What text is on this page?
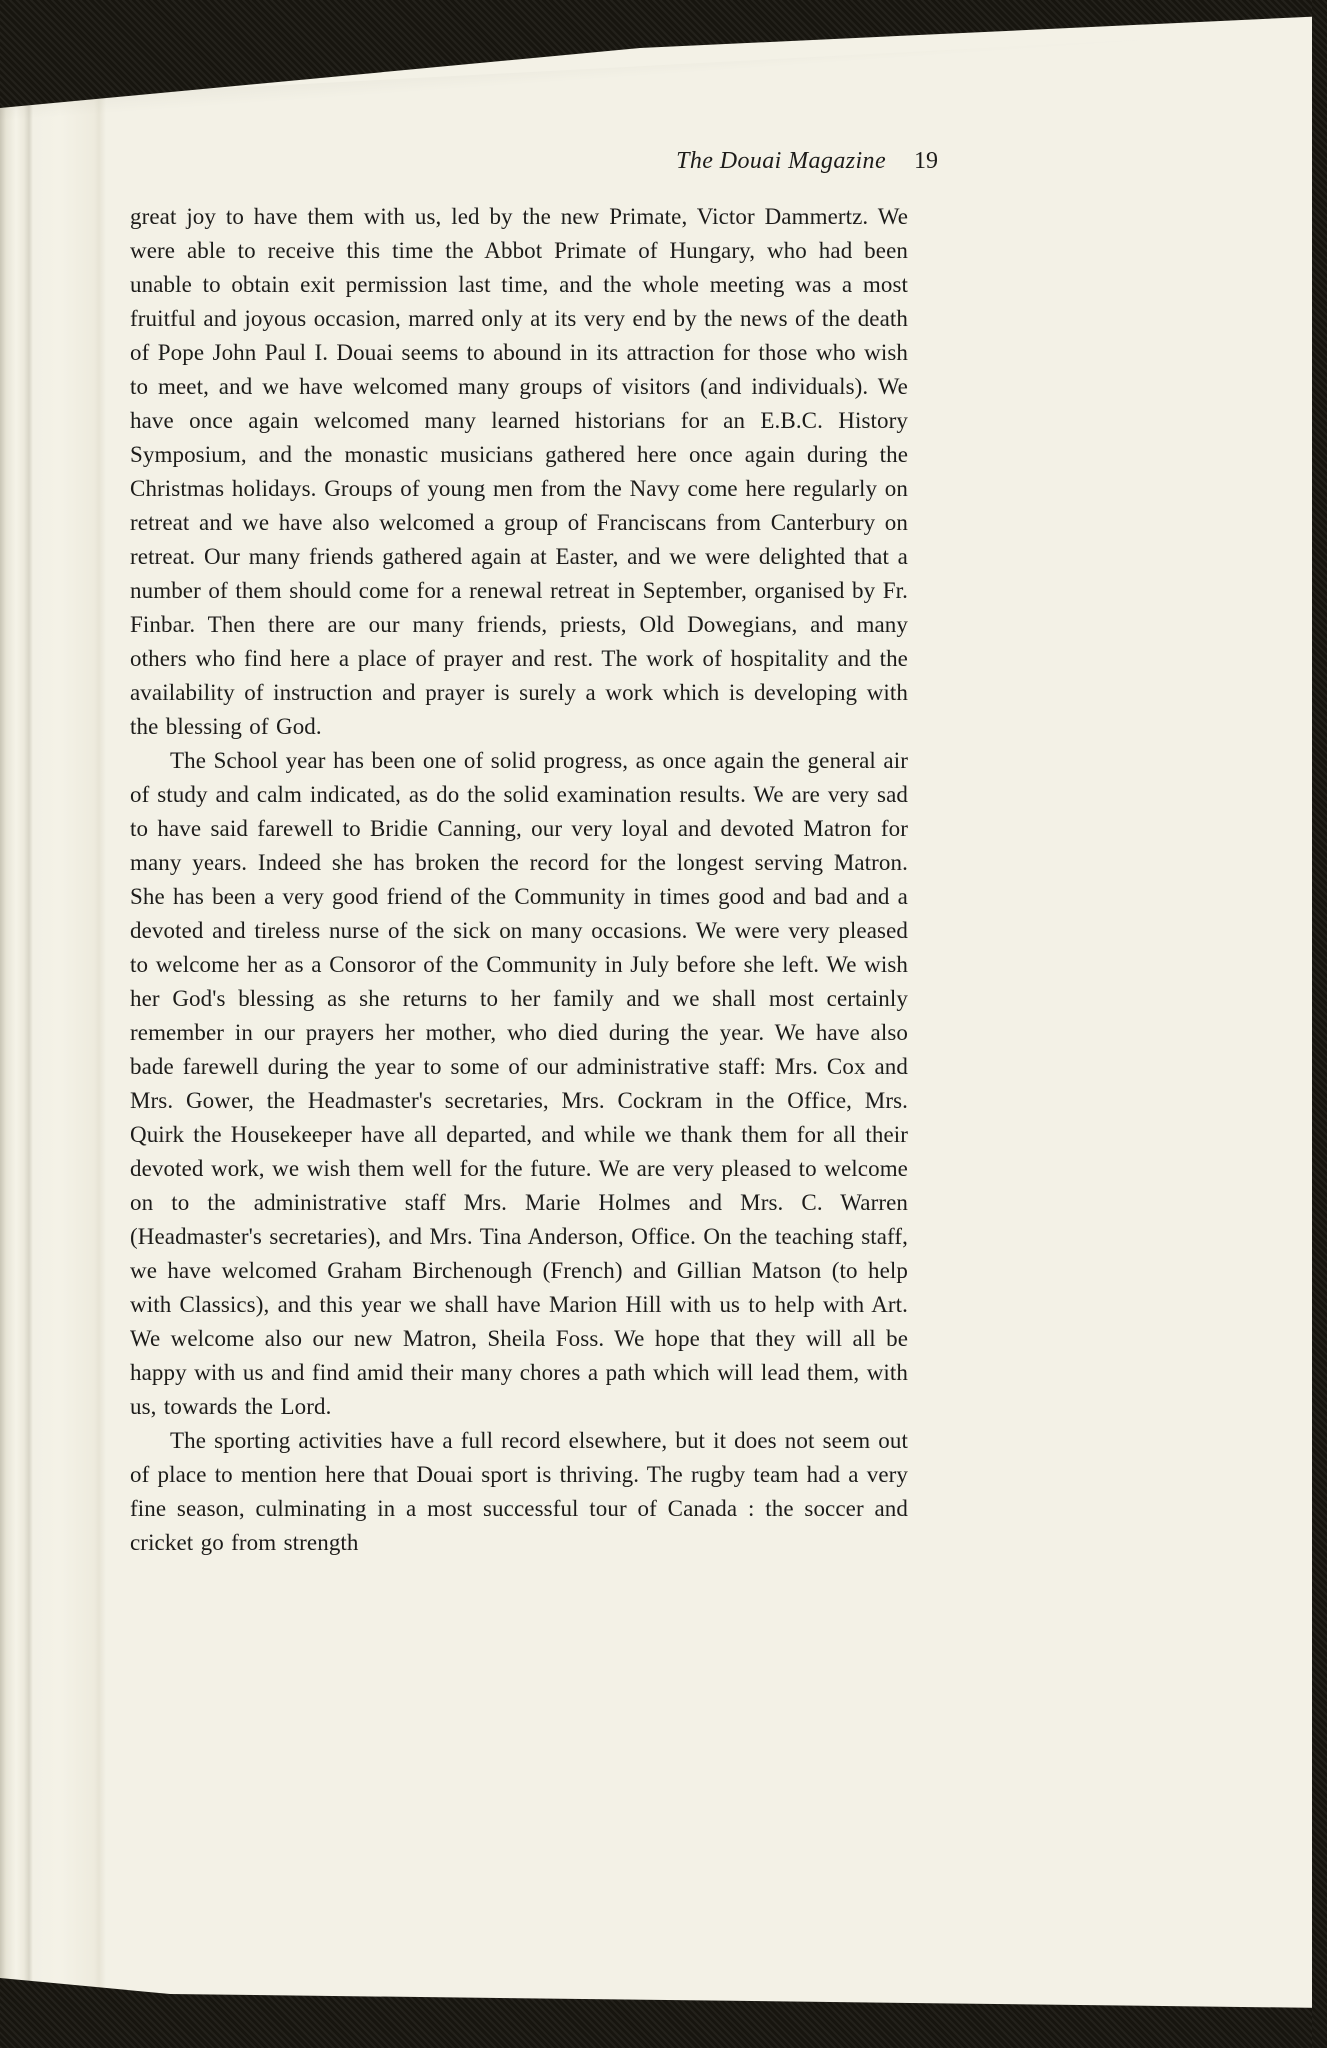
The Douai Magazine 19

great joy to have them with us, led by the new Primate, Victor Dammertz. We were able to receive this time the Abbot Primate of Hungary, who had been unable to obtain exit permission last time, and the whole meeting was a most fruitful and joyous occasion, marred only at its very end by the news of the death of Pope John Paul I. Douai seems to abound in its attraction for those who wish to meet, and we have welcomed many groups of visitors (and individuals). We have once again welcomed many learned historians for an E.B.C. History Symposium, and the monastic musicians gathered here once again during the Christmas holidays. Groups of young men from the Navy come here regularly on retreat and we have also welcomed a group of Franciscans from Canterbury on retreat. Our many friends gathered again at Easter, and we were delighted that a number of them should come for a renewal retreat in September, organised by Fr. Finbar. Then there are our many friends, priests, Old Dowegians, and many others who find here a place of prayer and rest. The work of hospitality and the availability of instruction and prayer is surely a work which is developing with the blessing of God.

The School year has been one of solid progress, as once again the general air of study and calm indicated, as do the solid examination results. We are very sad to have said farewell to Bridie Canning, our very loyal and devoted Matron for many years. Indeed she has broken the record for the longest serving Matron. She has been a very good friend of the Community in times good and bad and a devoted and tireless nurse of the sick on many occasions. We were very pleased to welcome her as a Consoror of the Community in July before she left. We wish her God's blessing as she returns to her family and we shall most certainly remember in our prayers her mother, who died during the year. We have also bade farewell during the year to some of our administrative staff: Mrs. Cox and Mrs. Gower, the Headmaster's secretaries, Mrs. Cockram in the Office, Mrs. Quirk the Housekeeper have all departed, and while we thank them for all their devoted work, we wish them well for the future. We are very pleased to welcome on to the administrative staff Mrs. Marie Holmes and Mrs. C. Warren (Headmaster's secretaries), and Mrs. Tina Anderson, Office. On the teaching staff, we have welcomed Graham Birchenough (French) and Gillian Matson (to help with Classics), and this year we shall have Marion Hill with us to help with Art. We welcome also our new Matron, Sheila Foss. We hope that they will all be happy with us and find amid their many chores a path which will lead them, with us, towards the Lord.

The sporting activities have a full record elsewhere, but it does not seem out of place to mention here that Douai sport is thriving. The rugby team had a very fine season, culminating in a most successful tour of Canada : the soccer and cricket go from strength
